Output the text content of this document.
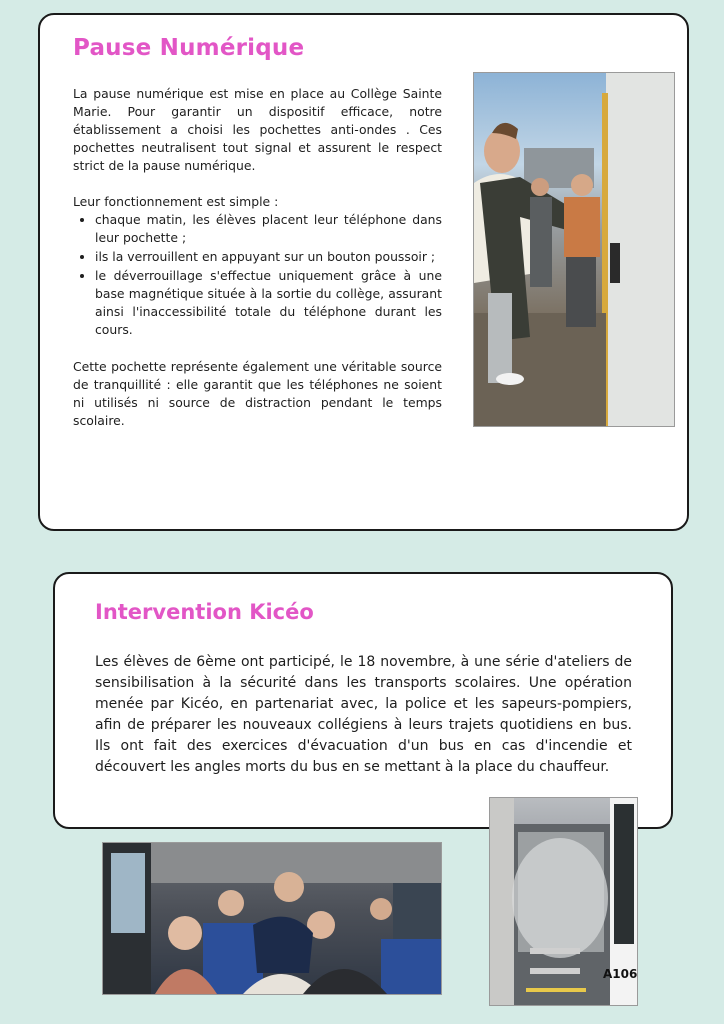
Pause Numérique

La pause numérique est mise en place au Collège Sainte Marie. Pour garantir un dispositif efficace, notre établissement a choisi les pochettes anti-ondes . Ces pochettes neutralisent tout signal et assurent le respect strict de la pause numérique.

Leur fonctionnement est simple :

• chaque matin, les élèves placent leur téléphone dans leur pochette ;
• ils la verrouillent en appuyant sur un bouton poussoir ;
• le déverrouillage s'effectue uniquement grâce à une base magnétique située à la sortie du collège, assurant ainsi l'inaccessibilité totale du téléphone durant les cours.

Cette pochette représente également une véritable source de tranquillité : elle garantit que les téléphones ne soient ni utilisés ni source de distraction pendant le temps scolaire.

Intervention Kicéo

Les élèves de 6ème ont participé, le 18 novembre, à une série d'ateliers de sensibilisation à la sécurité dans les transports scolaires. Une opération menée par Kicéo, en partenariat avec, la police et les sapeurs-pompiers, afin de préparer les nouveaux collégiens à leurs trajets quotidiens en bus. Ils ont fait des exercices d'évacuation d'un bus en cas d'incendie et découvert les angles morts du bus en se mettant à la place du chauffeur.

A106
